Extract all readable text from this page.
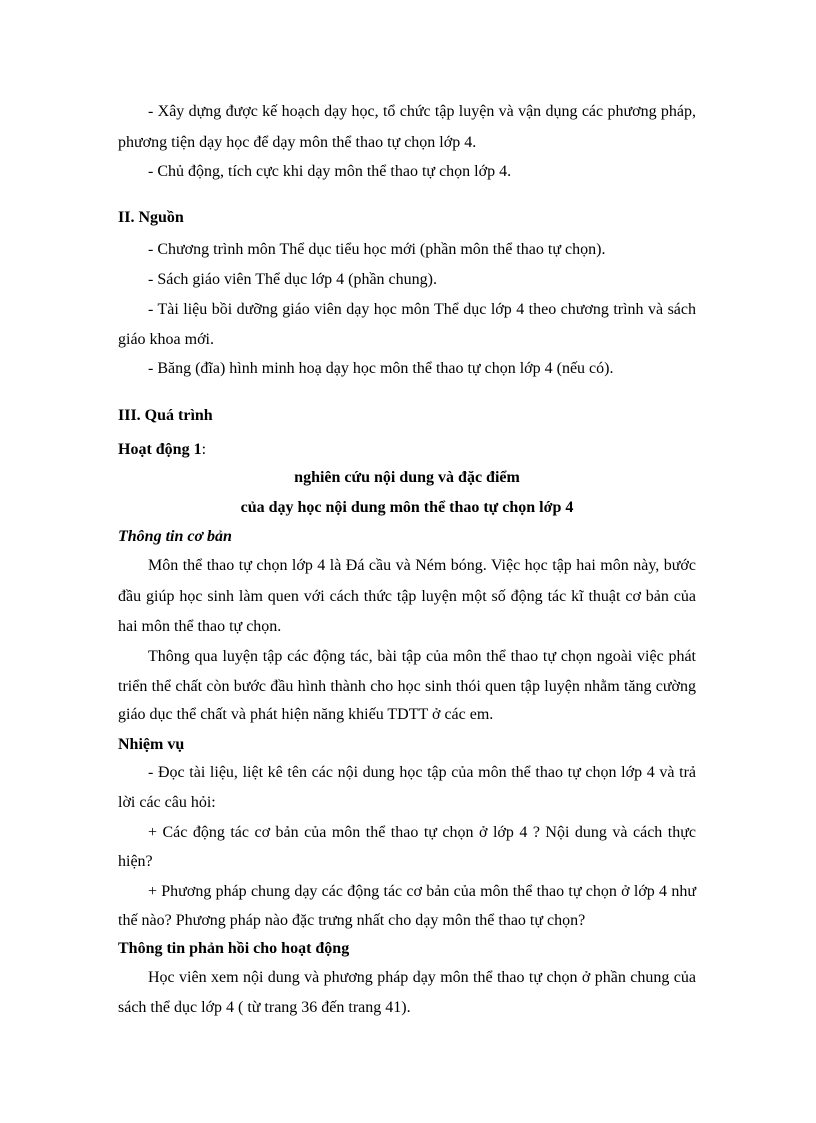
- Xây dựng được kế hoạch dạy học, tổ chức tập luyện và vận dụng các phương pháp,
phương tiện dạy học để dạy môn thể thao tự chọn lớp 4.
- Chủ động, tích cực khi dạy môn thể thao tự chọn lớp 4.
II. Nguồn
- Chương trình môn Thể dục tiểu học mới (phần môn thể thao tự chọn).
- Sách giáo viên Thể dục lớp 4 (phần chung).
- Tài liệu bồi dưỡng giáo viên dạy học môn Thể dục lớp 4 theo chương trình và sách
giáo khoa mới.
- Băng (đĩa) hình minh hoạ dạy học môn thể thao tự chọn lớp 4 (nếu có).
III. Quá trình
Hoạt động 1:
nghiên cứu nội dung và đặc điểm
của dạy học nội dung môn thể thao tự chọn lớp 4
Thông tin cơ bản
Môn thể thao tự chọn lớp 4 là Đá cầu và Ném bóng. Việc học tập hai môn này, bước
đầu giúp học sinh làm quen với cách thức tập luyện một số động tác kĩ thuật cơ bản của
hai môn thể thao tự chọn.
Thông qua luyện tập các động tác, bài tập của môn thể thao tự chọn ngoài việc phát
triển thể chất còn bước đầu hình thành cho học sinh thói quen tập luyện nhằm tăng cường
giáo dục thể chất và phát hiện năng khiếu TDTT ở các em.
Nhiệm vụ
- Đọc tài liệu, liệt kê tên các nội dung học tập của môn thể thao tự chọn lớp 4 và trả
lời các câu hỏi:
+ Các động tác cơ bản của môn thể thao tự chọn ở lớp 4 ? Nội dung và cách thực
hiện?
+ Phương pháp chung dạy các động tác cơ bản của môn thể thao tự chọn ở lớp 4 như
thế nào? Phương pháp nào đặc trưng nhất cho dạy môn thể thao tự chọn?
Thông tin phản hồi cho hoạt động
Học viên xem nội dung và phương pháp dạy môn thể thao tự chọn ở phần chung của
sách thể dục lớp 4 ( từ trang 36 đến trang 41).
